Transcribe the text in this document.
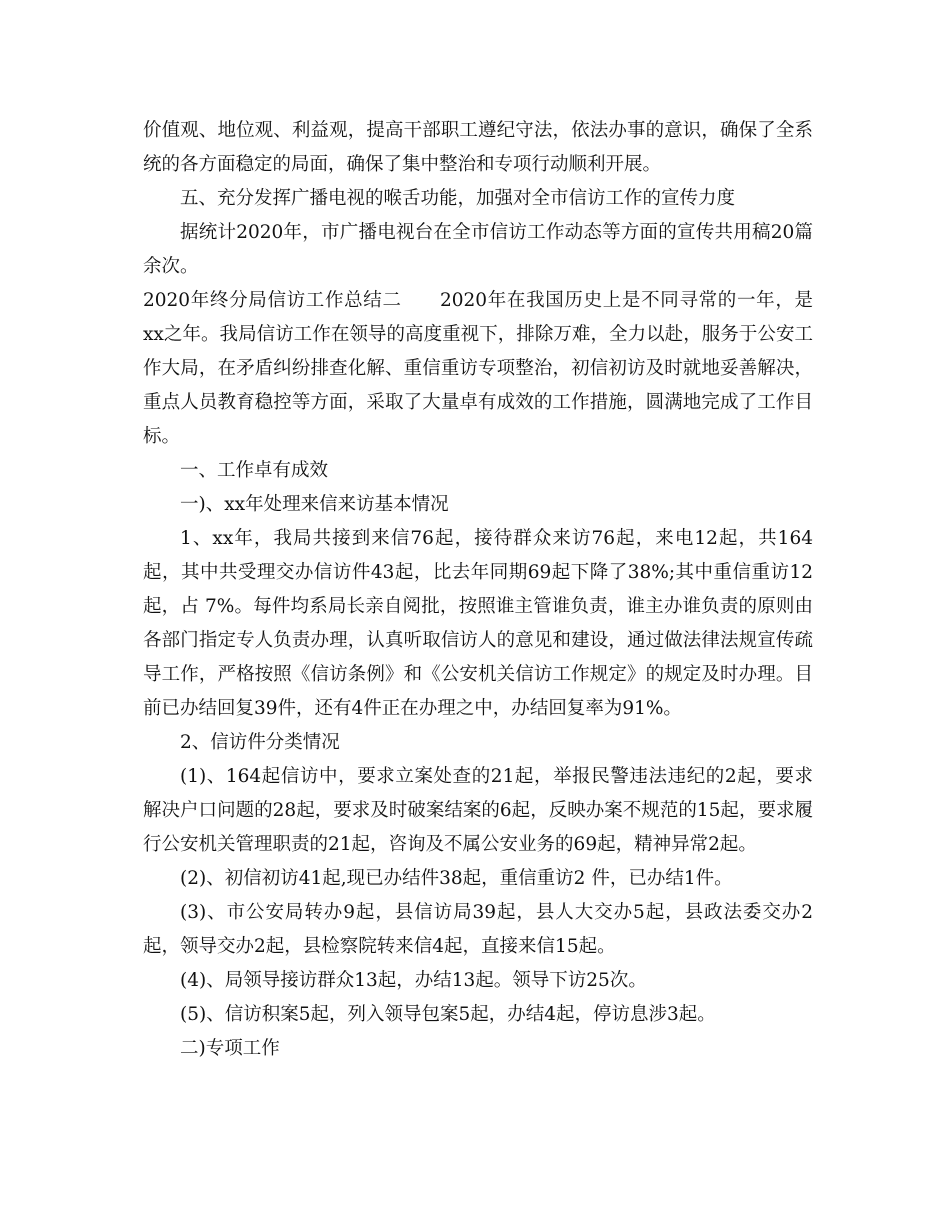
价值观、地位观、利益观，提高干部职工遵纪守法，依法办事的意识，确保了全系统的各方面稳定的局面，确保了集中整治和专项行动顺利开展。

五、充分发挥广播电视的喉舌功能，加强对全市信访工作的宣传力度

据统计2020年，市广播电视台在全市信访工作动态等方面的宣传共用稿20篇余次。

2020年终分局信访工作总结二　　2020年在我国历史上是不同寻常的一年，是xx之年。我局信访工作在领导的高度重视下，排除万难，全力以赴，服务于公安工作大局，在矛盾纠纷排查化解、重信重访专项整治，初信初访及时就地妥善解决，重点人员教育稳控等方面，采取了大量卓有成效的工作措施，圆满地完成了工作目标。

一、工作卓有成效

一)、xx年处理来信来访基本情况

1、xx年，我局共接到来信76起，接待群众来访76起，来电12起，共164起，其中共受理交办信访件43起，比去年同期69起下降了38%;其中重信重访12起，占 7%。每件均系局长亲自阅批，按照谁主管谁负责，谁主办谁负责的原则由各部门指定专人负责办理，认真听取信访人的意见和建设，通过做法律法规宣传疏导工作，严格按照《信访条例》和《公安机关信访工作规定》的规定及时办理。目前已办结回复39件，还有4件正在办理之中，办结回复率为91%。

2、信访件分类情况

(1)、164起信访中，要求立案处查的21起，举报民警违法违纪的2起，要求解决户口问题的28起，要求及时破案结案的6起，反映办案不规范的15起，要求履行公安机关管理职责的21起，咨询及不属公安业务的69起，精神异常2起。

(2)、初信初访41起,现已办结件38起，重信重访2 件，已办结1件。

(3)、市公安局转办9起，县信访局39起，县人大交办5起，县政法委交办2起，领导交办2起，县检察院转来信4起，直接来信15起。

(4)、局领导接访群众13起，办结13起。领导下访25次。

(5)、信访积案5起，列入领导包案5起，办结4起，停访息涉3起。

二)专项工作
